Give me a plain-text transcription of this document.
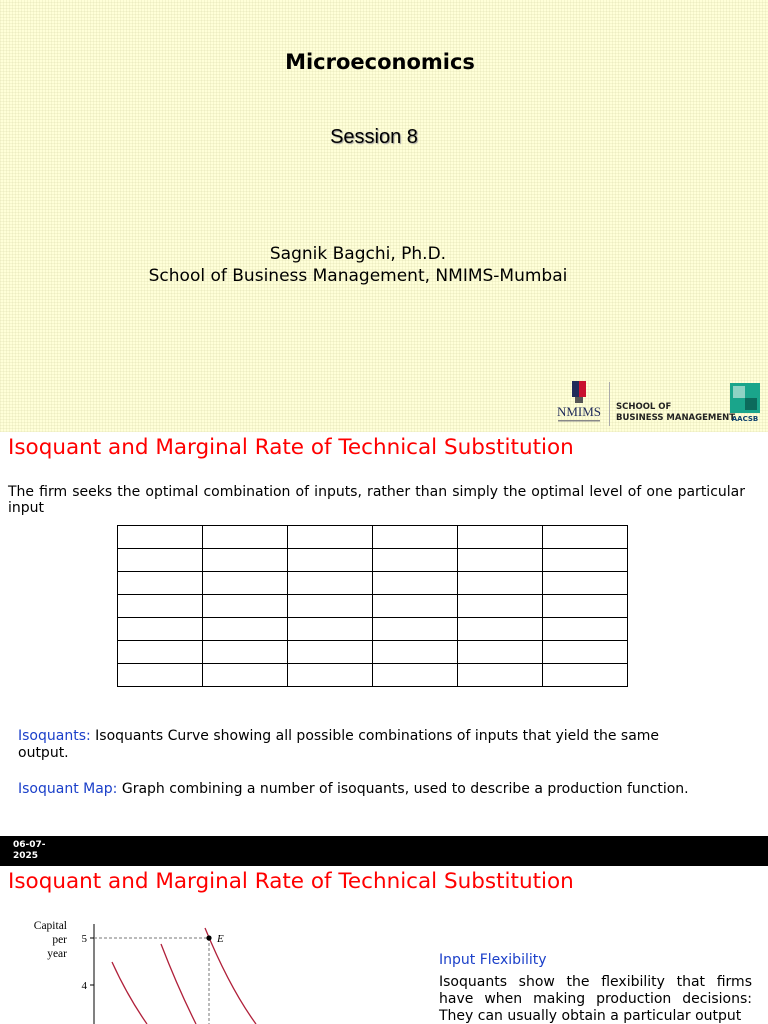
Microeconomics
Session 8
Sagnik Bagchi, Ph.D.
School of Business Management, NMIMS-Mumbai
NMIMS SCHOOL OF
BUSINESS MANAGEMENT
AACSB
Isoquant and Marginal Rate of Technical Substitution
The firm seeks the optimal combination of inputs, rather than simply the optimal level of one particular input

Isoquants: Isoquants Curve showing all possible combinations of inputs that yield the same output.
Isoquant Map: Graph combining a number of isoquants, used to describe a production function.
06-07-
2025
Isoquant and Marginal Rate of Technical Substitution
Capital
per
year
5
4
E
Input Flexibility
Isoquants show the flexibility that firms have when making production decisions: They can usually obtain a particular output
